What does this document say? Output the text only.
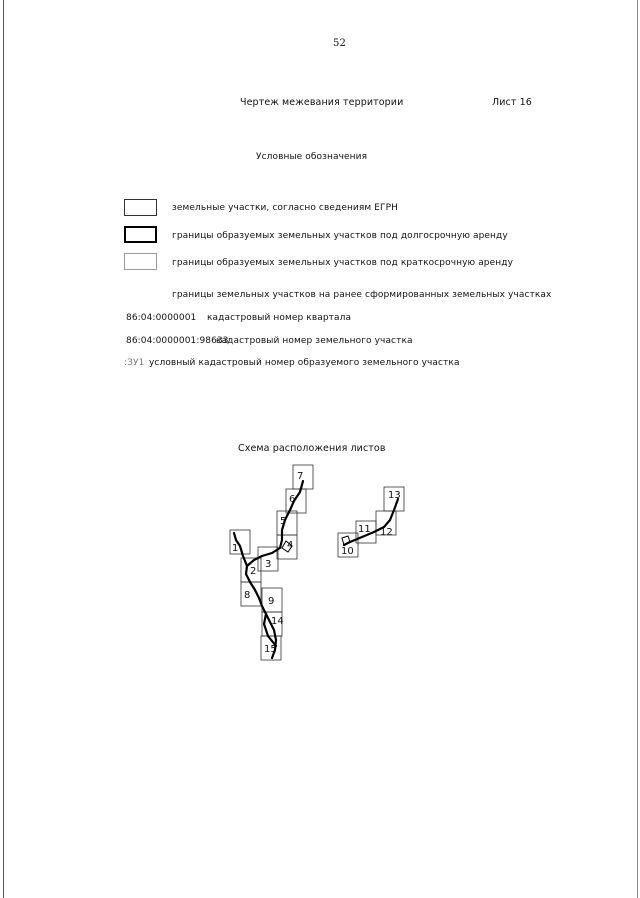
52
Чертеж межевания территории	Лист 16
Условные обозначения
земельные участки, согласно сведениям ЕГРН
границы образуемых земельных участков под долгосрочную аренду
границы образуемых земельных участков под краткосрочную аренду
границы земельных участков на ранее сформированных земельных участках
86:04:0000001 кадастровый номер квартала
86:04:0000001:98633
кадастровый номер земельного участка
:ЗУ1 условный кадастровый номер образуемого земельного участка
Схема расположения листов
7
6
5
4
3
1
2
8
9
14
15
13
12
11
10
